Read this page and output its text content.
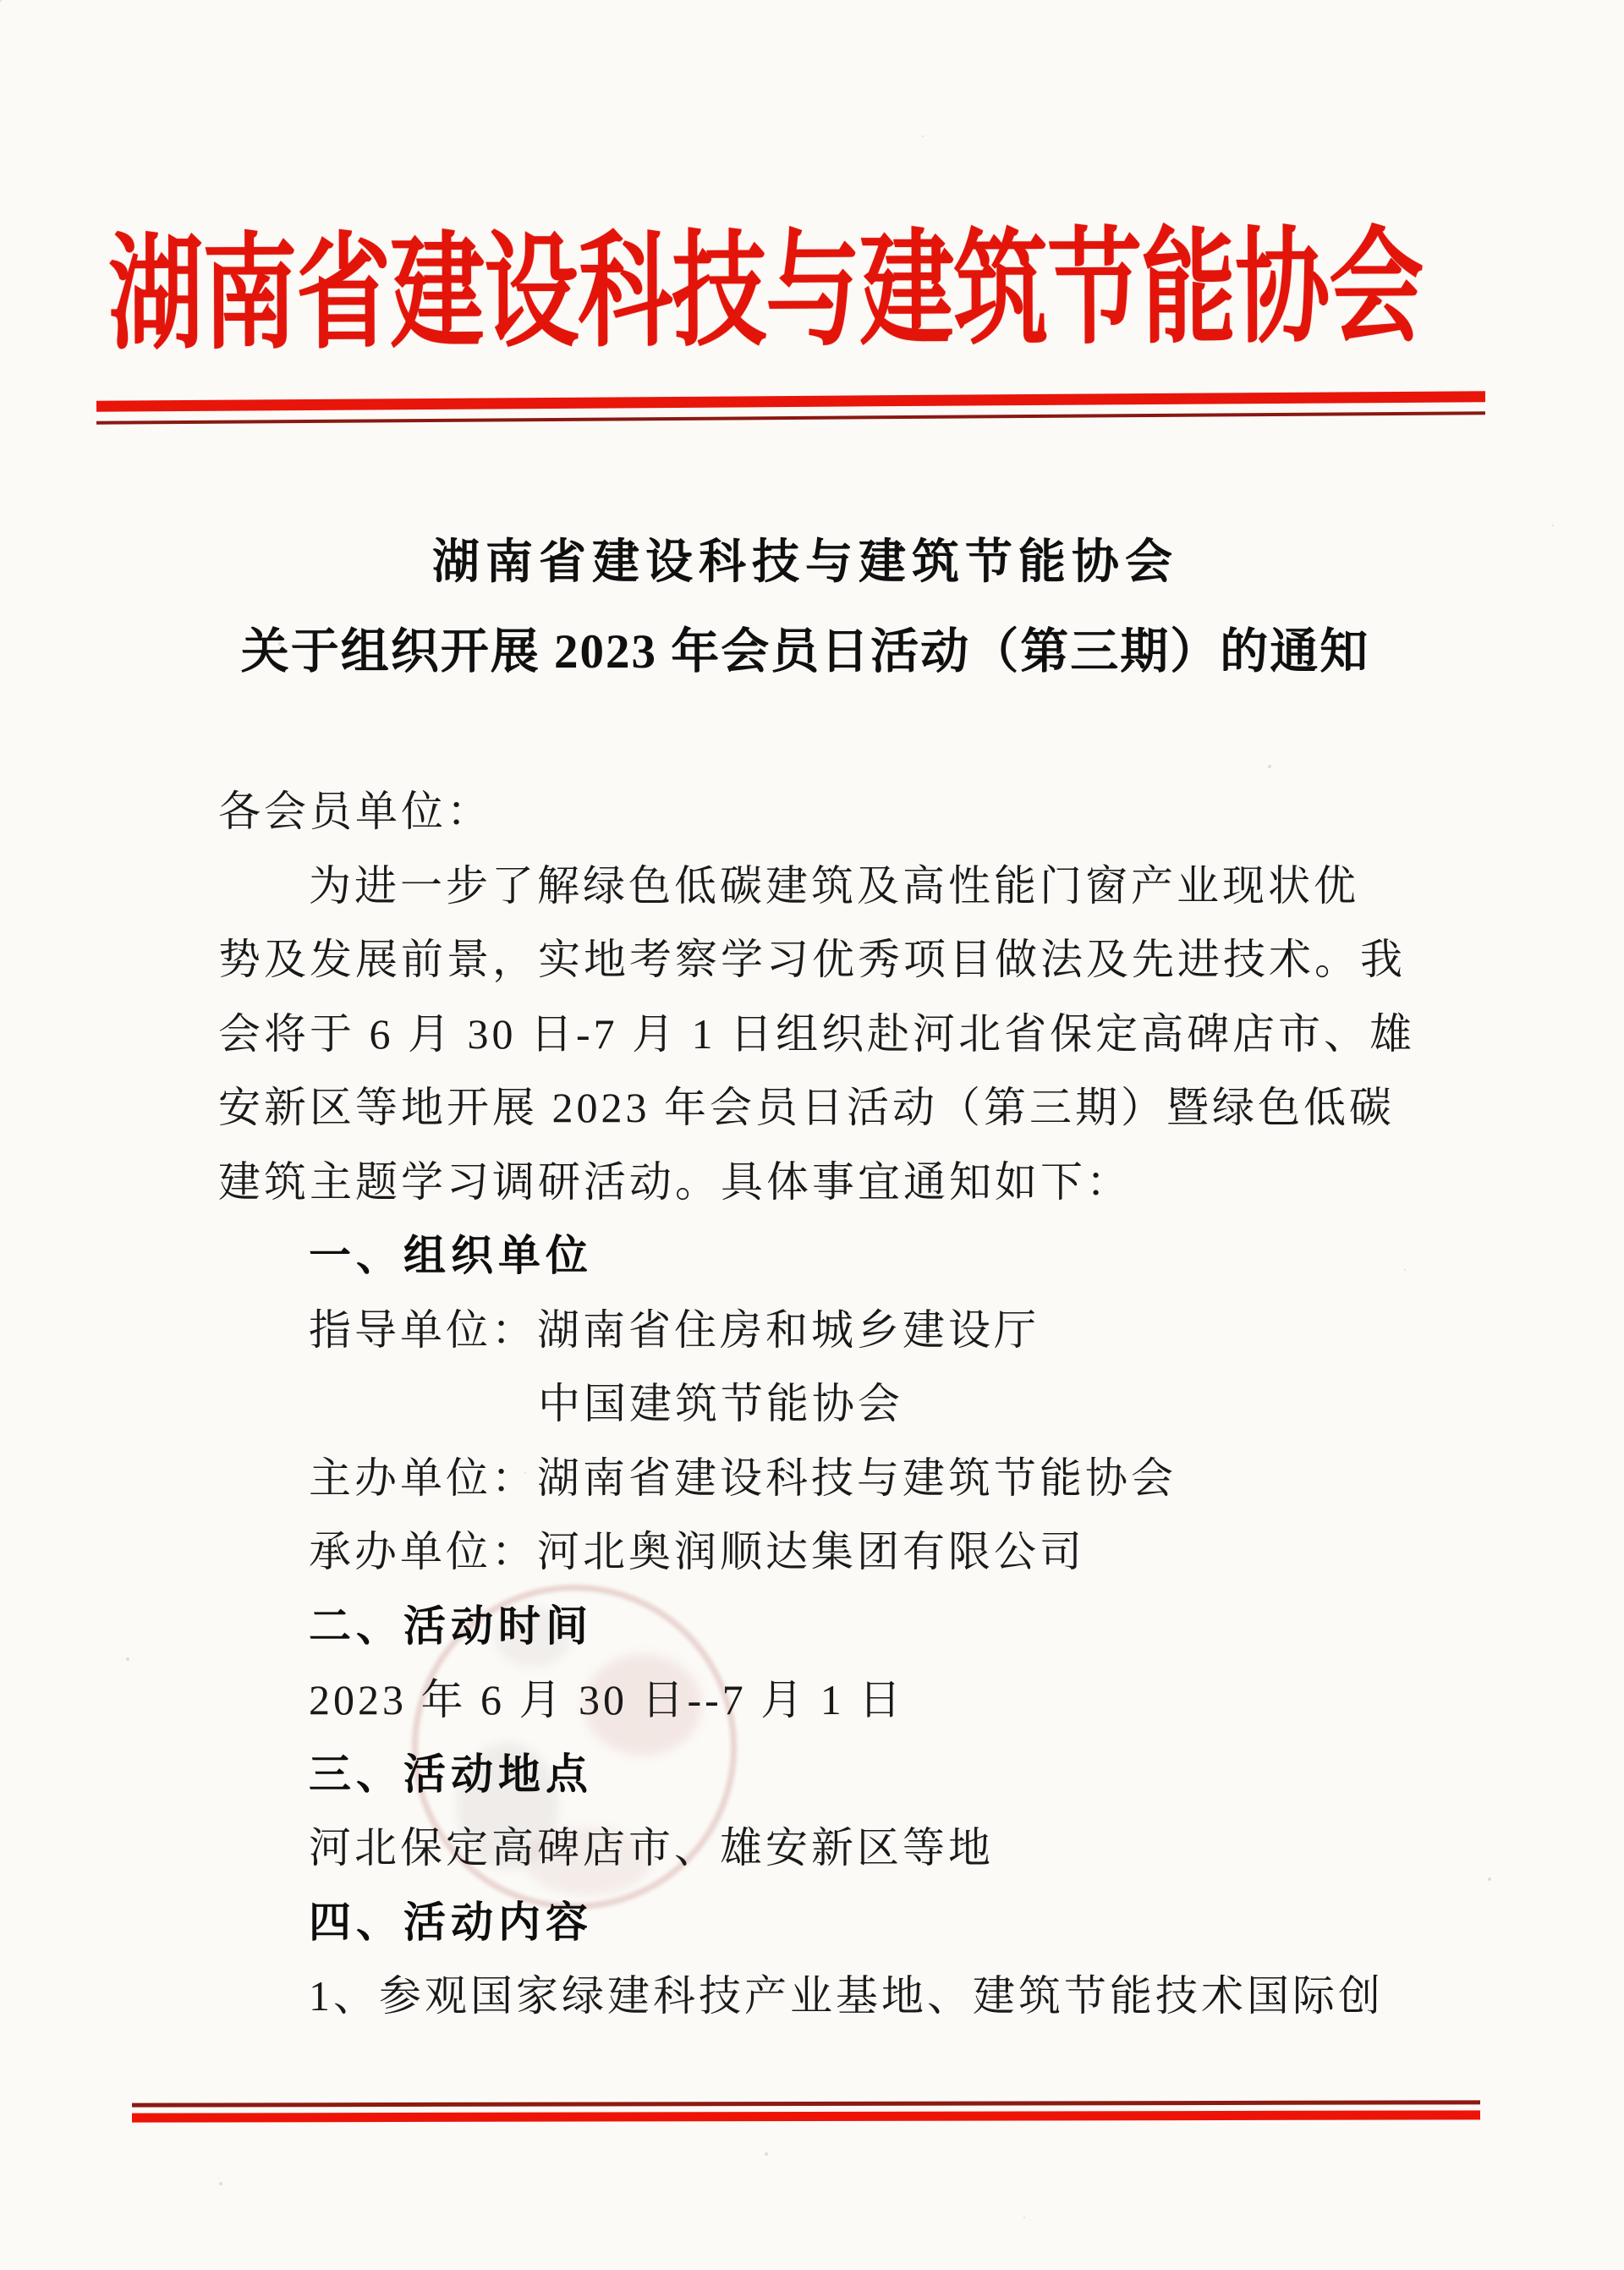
湖南省建设科技与建筑节能协会
湖南省建设科技与建筑节能协会
关于组织开展 2023 年会员日活动（第三期）的通知
各会员单位：
为进一步了解绿色低碳建筑及高性能门窗产业现状优
势及发展前景，实地考察学习优秀项目做法及先进技术。我
会将于 6 月 30 日-7 月 1 日组织赴河北省保定高碑店市、雄
安新区等地开展 2023 年会员日活动（第三期）暨绿色低碳
建筑主题学习调研活动。具体事宜通知如下：
一、组织单位
指导单位：湖南省住房和城乡建设厅
中国建筑节能协会
主办单位：湖南省建设科技与建筑节能协会
承办单位：河北奥润顺达集团有限公司
二、活动时间
2023 年 6 月 30 日--7 月 1 日
三、活动地点
河北保定高碑店市、雄安新区等地
四、活动内容
1、参观国家绿建科技产业基地、建筑节能技术国际创
